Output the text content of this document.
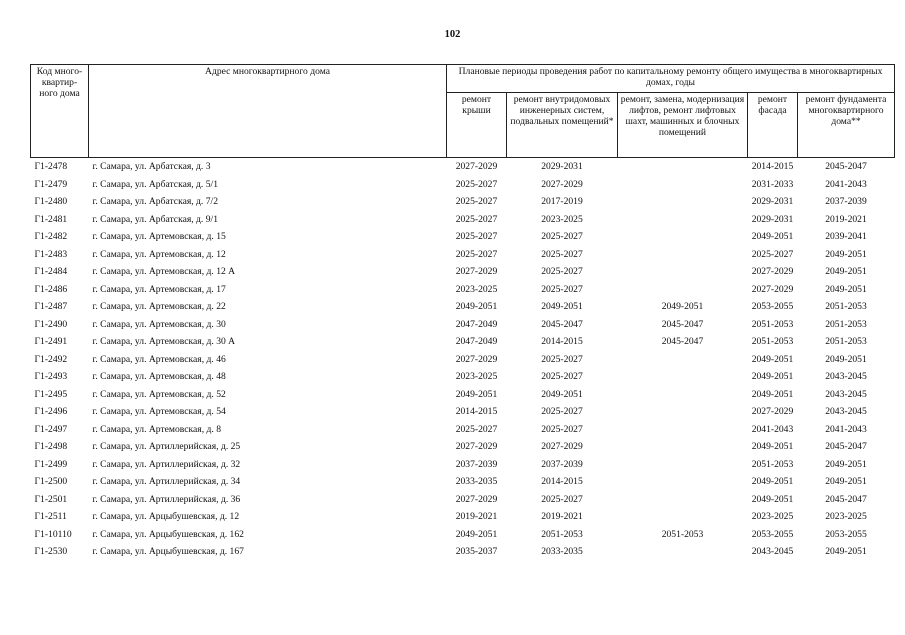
102
Код много-квартир-ного дома	Адрес многоквартирного дома	Плановые периоды проведения работ по капитальному ремонту общего имущества в многоквартирных домах, годы				
		ремонт крыши	ремонт внутридомовых инженерных систем, подвальных помещений*	ремонт, замена, модернизация лифтов, ремонт лифтовых шахт, машинных и блочных помещений	ремонт фасада	ремонт фундамента многоквартирного дома**
Г1-2478	г. Самара, ул. Арбатская, д. 3	2027-2029	2029-2031		2014-2015	2045-2047
Г1-2479	г. Самара, ул. Арбатская, д. 5/1	2025-2027	2027-2029		2031-2033	2041-2043
Г1-2480	г. Самара, ул. Арбатская, д. 7/2	2025-2027	2017-2019		2029-2031	2037-2039
Г1-2481	г. Самара, ул. Арбатская, д. 9/1	2025-2027	2023-2025		2029-2031	2019-2021
Г1-2482	г. Самара, ул. Артемовская, д. 15	2025-2027	2025-2027		2049-2051	2039-2041
Г1-2483	г. Самара, ул. Артемовская, д. 12	2025-2027	2025-2027		2025-2027	2049-2051
Г1-2484	г. Самара, ул. Артемовская, д. 12 А	2027-2029	2025-2027		2027-2029	2049-2051
Г1-2486	г. Самара, ул. Артемовская, д. 17	2023-2025	2025-2027		2027-2029	2049-2051
Г1-2487	г. Самара, ул. Артемовская, д. 22	2049-2051	2049-2051	2049-2051	2053-2055	2051-2053
Г1-2490	г. Самара, ул. Артемовская, д. 30	2047-2049	2045-2047	2045-2047	2051-2053	2051-2053
Г1-2491	г. Самара, ул. Артемовская, д. 30 А	2047-2049	2014-2015	2045-2047	2051-2053	2051-2053
Г1-2492	г. Самара, ул. Артемовская, д. 46	2027-2029	2025-2027		2049-2051	2049-2051
Г1-2493	г. Самара, ул. Артемовская, д. 48	2023-2025	2025-2027		2049-2051	2043-2045
Г1-2495	г. Самара, ул. Артемовская, д. 52	2049-2051	2049-2051		2049-2051	2043-2045
Г1-2496	г. Самара, ул. Артемовская, д. 54	2014-2015	2025-2027		2027-2029	2043-2045
Г1-2497	г. Самара, ул. Артемовская, д. 8	2025-2027	2025-2027		2041-2043	2041-2043
Г1-2498	г. Самара, ул. Артиллерийская, д. 25	2027-2029	2027-2029		2049-2051	2045-2047
Г1-2499	г. Самара, ул. Артиллерийская, д. 32	2037-2039	2037-2039		2051-2053	2049-2051
Г1-2500	г. Самара, ул. Артиллерийская, д. 34	2033-2035	2014-2015		2049-2051	2049-2051
Г1-2501	г. Самара, ул. Артиллерийская, д. 36	2027-2029	2025-2027		2049-2051	2045-2047
Г1-2511	г. Самара, ул. Арцыбушевская, д. 12	2019-2021	2019-2021		2023-2025	2023-2025
Г1-10110	г. Самара, ул. Арцыбушевская, д. 162	2049-2051	2051-2053	2051-2053	2053-2055	2053-2055
Г1-2530	г. Самара, ул. Арцыбушевская, д. 167	2035-2037	2033-2035		2043-2045	2049-2051
